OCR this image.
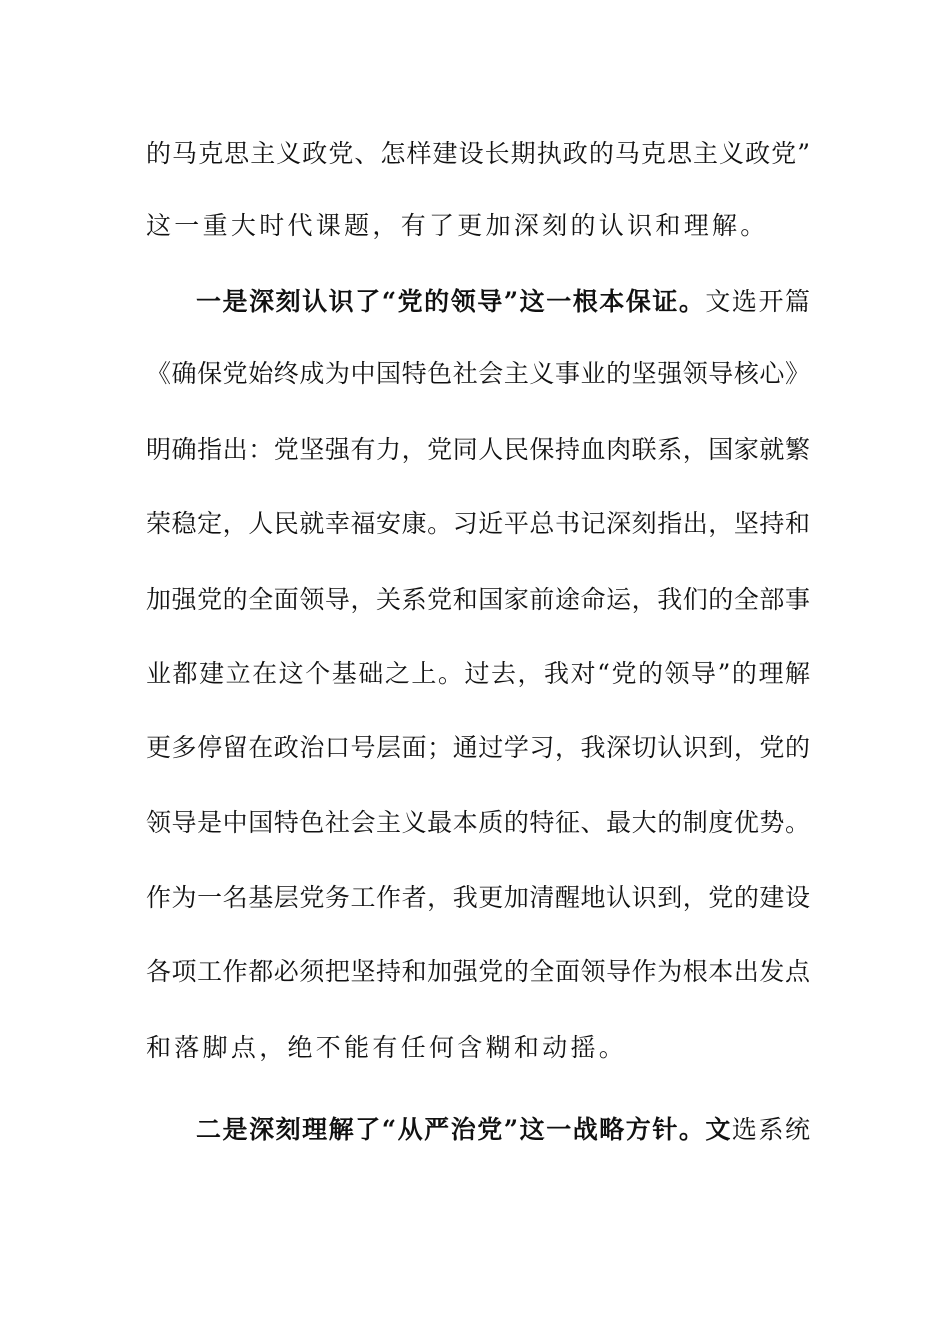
的马克思主义政党、怎样建设长期执政的马克思主义政党”
这一重大时代课题，有了更加深刻的认识和理解。
一是深刻认识了“党的领导”这一根本保证。文选开篇
《确保党始终成为中国特色社会主义事业的坚强领导核心》
明确指出：党坚强有力，党同人民保持血肉联系，国家就繁
荣稳定，人民就幸福安康。习近平总书记深刻指出，坚持和
加强党的全面领导，关系党和国家前途命运，我们的全部事
业都建立在这个基础之上。过去，我对“党的领导”的理解
更多停留在政治口号层面；通过学习，我深切认识到，党的
领导是中国特色社会主义最本质的特征、最大的制度优势。
作为一名基层党务工作者，我更加清醒地认识到，党的建设
各项工作都必须把坚持和加强党的全面领导作为根本出发点
和落脚点，绝不能有任何含糊和动摇。
二是深刻理解了“从严治党”这一战略方针。文选系统
